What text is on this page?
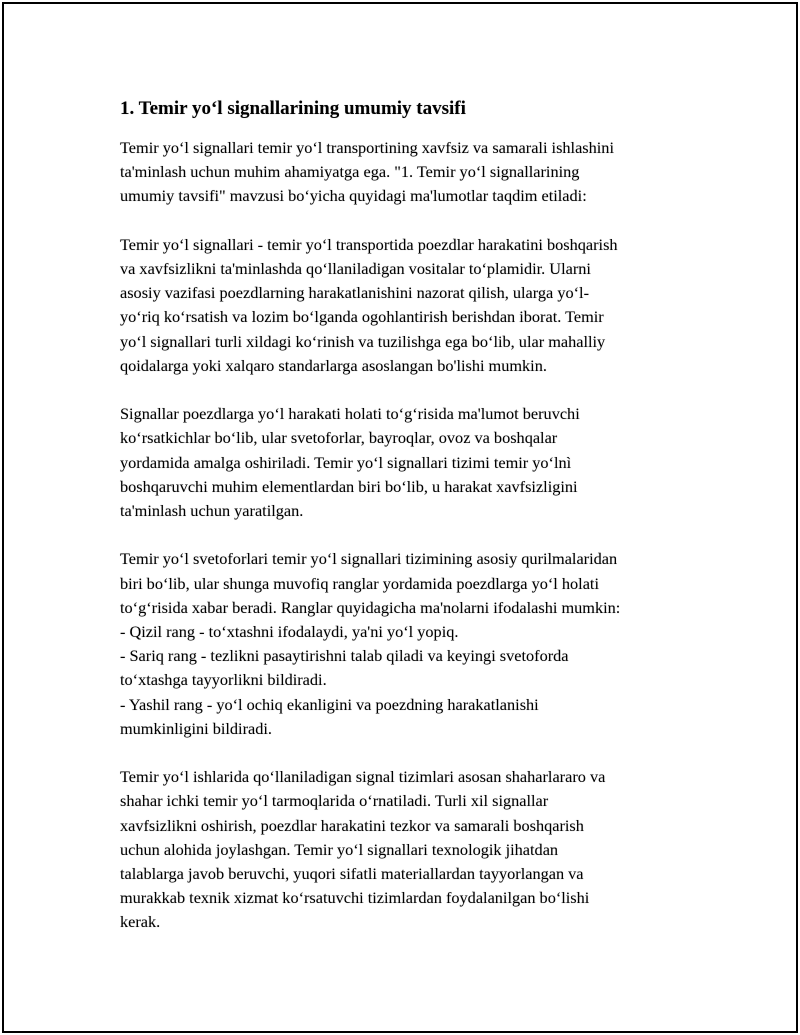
1. Temir yo‘l signallarining umumiy tavsifi

Temir yo‘l signallari temir yo‘l transportining xavfsiz va samarali ishlashini
ta'minlash uchun muhim ahamiyatga ega. "1. Temir yo‘l signallarining
umumiy tavsifi" mavzusi bo‘yicha quyidagi ma'lumotlar taqdim etiladi:

Temir yo‘l signallari - temir yo‘l transportida poezdlar harakatini boshqarish
va xavfsizlikni ta'minlashda qo‘llaniladigan vositalar to‘plamidir. Ularni
asosiy vazifasi poezdlarning harakatlanishini nazorat qilish, ularga yo‘l-
yo‘riq ko‘rsatish va lozim bo‘lganda ogohlantirish berishdan iborat. Temir
yo‘l signallari turli xildagi ko‘rinish va tuzilishga ega bo‘lib, ular mahalliy
qoidalarga yoki xalqaro standarlarga asoslangan bo'lishi mumkin.

Signallar poezdlarga yo‘l harakati holati to‘g‘risida ma'lumot beruvchi
ko‘rsatkichlar bo‘lib, ular svetoforlar, bayroqlar, ovoz va boshqalar
yordamida amalga oshiriladi. Temir yo‘l signallari tizimi temir yo‘lnì
boshqaruvchi muhim elementlardan biri bo‘lib, u harakat xavfsizligini
ta'minlash uchun yaratilgan.

Temir yo‘l svetoforlari temir yo‘l signallari tizimining asosiy qurilmalaridan
biri bo‘lib, ular shunga muvofiq ranglar yordamida poezdlarga yo‘l holati
to‘g‘risida xabar beradi. Ranglar quyidagicha ma'nolarni ifodalashi mumkin:
- Qizil rang - to‘xtashni ifodalaydi, ya'ni yo‘l yopiq.
- Sariq rang - tezlikni pasaytirishni talab qiladi va keyingi svetoforda
to‘xtashga tayyorlikni bildiradi.
- Yashil rang - yo‘l ochiq ekanligini va poezdning harakatlanishi
mumkinligini bildiradi.

Temir yo‘l ishlarida qo‘llaniladigan signal tizimlari asosan shaharlararo va
shahar ichki temir yo‘l tarmoqlarida o‘rnatiladi. Turli xil signallar
xavfsizlikni oshirish, poezdlar harakatini tezkor va samarali boshqarish
uchun alohida joylashgan. Temir yo‘l signallari texnologik jihatdan
talablarga javob beruvchi, yuqori sifatli materiallardan tayyorlangan va
murakkab texnik xizmat ko‘rsatuvchi tizimlardan foydalanilgan bo‘lishi
kerak.
